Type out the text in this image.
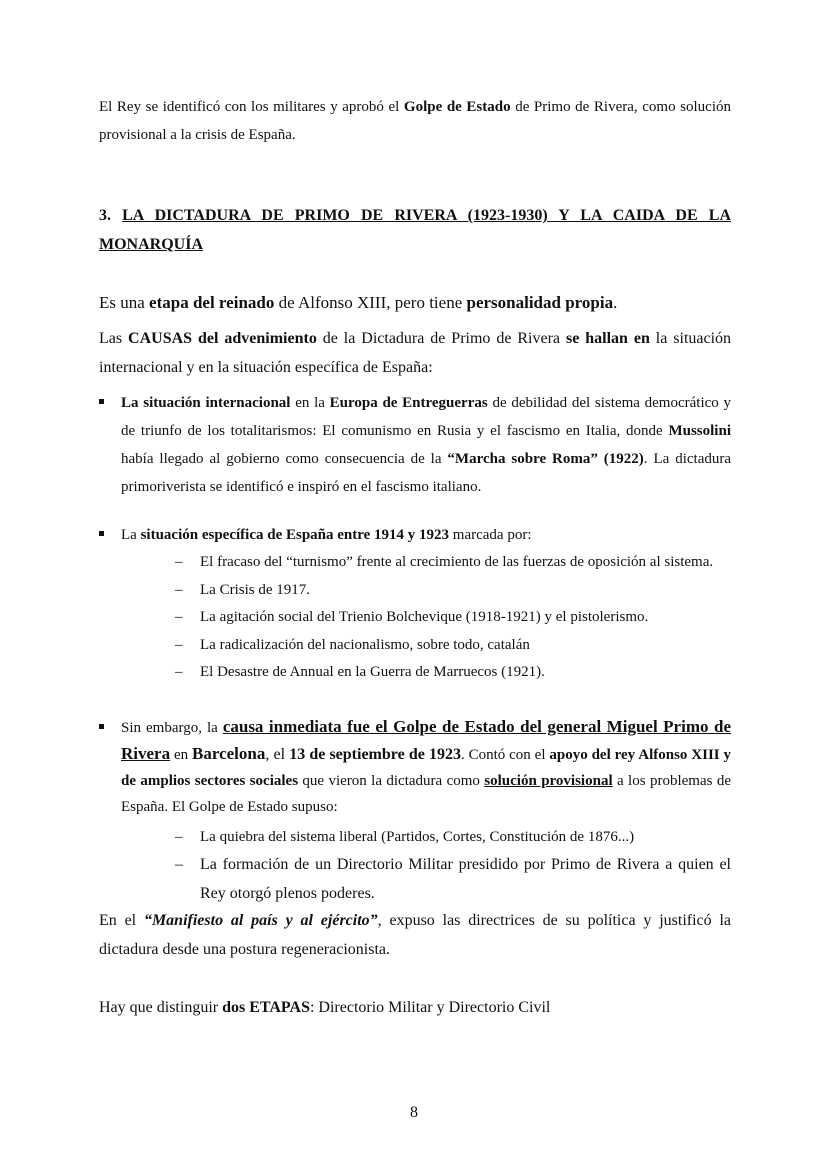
El Rey se identificó con los militares y aprobó el Golpe de Estado de Primo de Rivera, como solución provisional a la crisis de España.

3. LA DICTADURA DE PRIMO DE RIVERA (1923-1930) Y LA CAIDA DE LA MONARQUÍA

Es una etapa del reinado de Alfonso XIII, pero tiene personalidad propia.

Las CAUSAS del advenimiento de la Dictadura de Primo de Rivera se hallan en la situación internacional y en la situación específica de España:

La situación internacional en la Europa de Entreguerras de debilidad del sistema democrático y de triunfo de los totalitarismos: El comunismo en Rusia y el fascismo en Italia, donde Mussolini había llegado al gobierno como consecuencia de la “Marcha sobre Roma” (1922). La dictadura primoriverista se identificó e inspiró en el fascismo italiano.

La situación específica de España entre 1914 y 1923 marcada por:

– El fracaso del “turnismo” frente al crecimiento de las fuerzas de oposición al sistema.
– La Crisis de 1917.
– La agitación social del Trienio Bolchevique (1918-1921) y el pistolerismo.
– La radicalización del nacionalismo, sobre todo, catalán
– El Desastre de Annual en la Guerra de Marruecos (1921).

Sin embargo, la causa inmediata fue el Golpe de Estado del general Miguel Primo de Rivera en Barcelona, el 13 de septiembre de 1923. Contó con el apoyo del rey Alfonso XIII y de amplios sectores sociales que vieron la dictadura como solución provisional a los problemas de España. El Golpe de Estado supuso:

– La quiebra del sistema liberal (Partidos, Cortes, Constitución de 1876...)
– La formación de un Directorio Militar presidido por Primo de Rivera a quien el Rey otorgó plenos poderes.

En el “Manifiesto al país y al ejército”, expuso las directrices de su política y justificó la dictadura desde una postura regeneracionista.

Hay que distinguir dos ETAPAS: Directorio Militar y Directorio Civil

8
